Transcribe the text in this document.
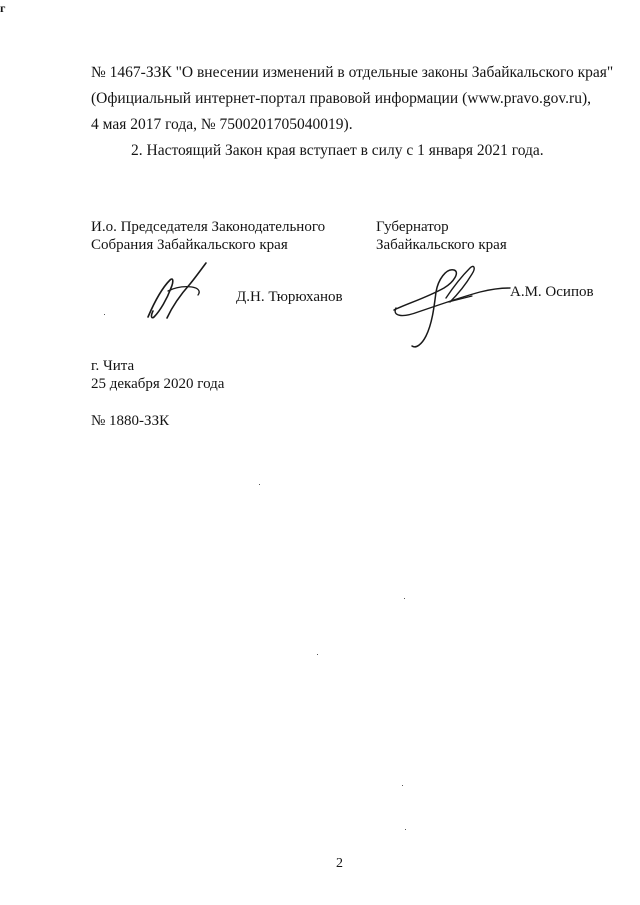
г
№ 1467-ЗЗК "О внесении изменений в отдельные законы Забайкальского края"
(Официальный интернет-портал правовой информации (www.pravo.gov.ru),
4 мая 2017 года, № 7500201705040019).
2. Настоящий Закон края вступает в силу с 1 января 2021 года.
И.о. Председателя Законодательного
Собрания Забайкальского края
Д.Н. Тюрюханов
Губернатор
Забайкальского края
А.М. Осипов
г. Чита
25 декабря 2020 года
№ 1880-ЗЗК
2
